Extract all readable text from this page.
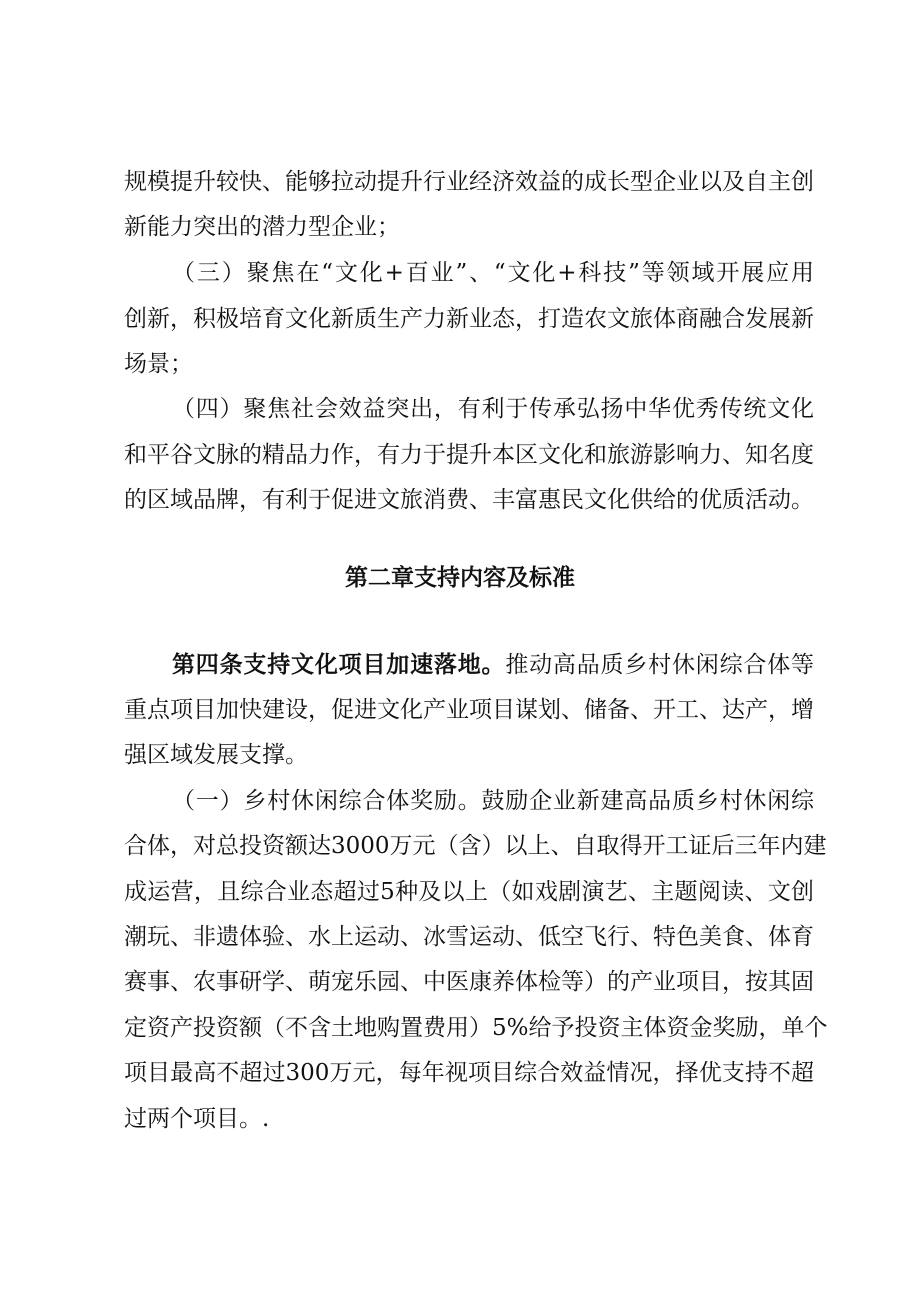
规模提升较快、能够拉动提升行业经济效益的成长型企业以及自主创
新能力突出的潜力型企业；
（三）聚焦在“文化+百业”、“文化+科技”等领域开展应用
创新，积极培育文化新质生产力新业态，打造农文旅体商融合发展新
场景；
（四）聚焦社会效益突出，有利于传承弘扬中华优秀传统文化
和平谷文脉的精品力作，有力于提升本区文化和旅游影响力、知名度
的区域品牌，有利于促进文旅消费、丰富惠民文化供给的优质活动。
第二章支持内容及标准
第四条支持文化项目加速落地。推动高品质乡村休闲综合体等
重点项目加快建设，促进文化产业项目谋划、储备、开工、达产，增
强区域发展支撑。
（一）乡村休闲综合体奖励。鼓励企业新建高品质乡村休闲综
合体，对总投资额达3000万元（含）以上、自取得开工证后三年内建
成运营，且综合业态超过5种及以上（如戏剧演艺、主题阅读、文创
潮玩、非遗体验、水上运动、冰雪运动、低空飞行、特色美食、体育
赛事、农事研学、萌宠乐园、中医康养体检等）的产业项目，按其固
定资产投资额（不含土地购置费用）5%给予投资主体资金奖励，单个
项目最高不超过300万元，每年视项目综合效益情况，择优支持不超
过两个项目。.
